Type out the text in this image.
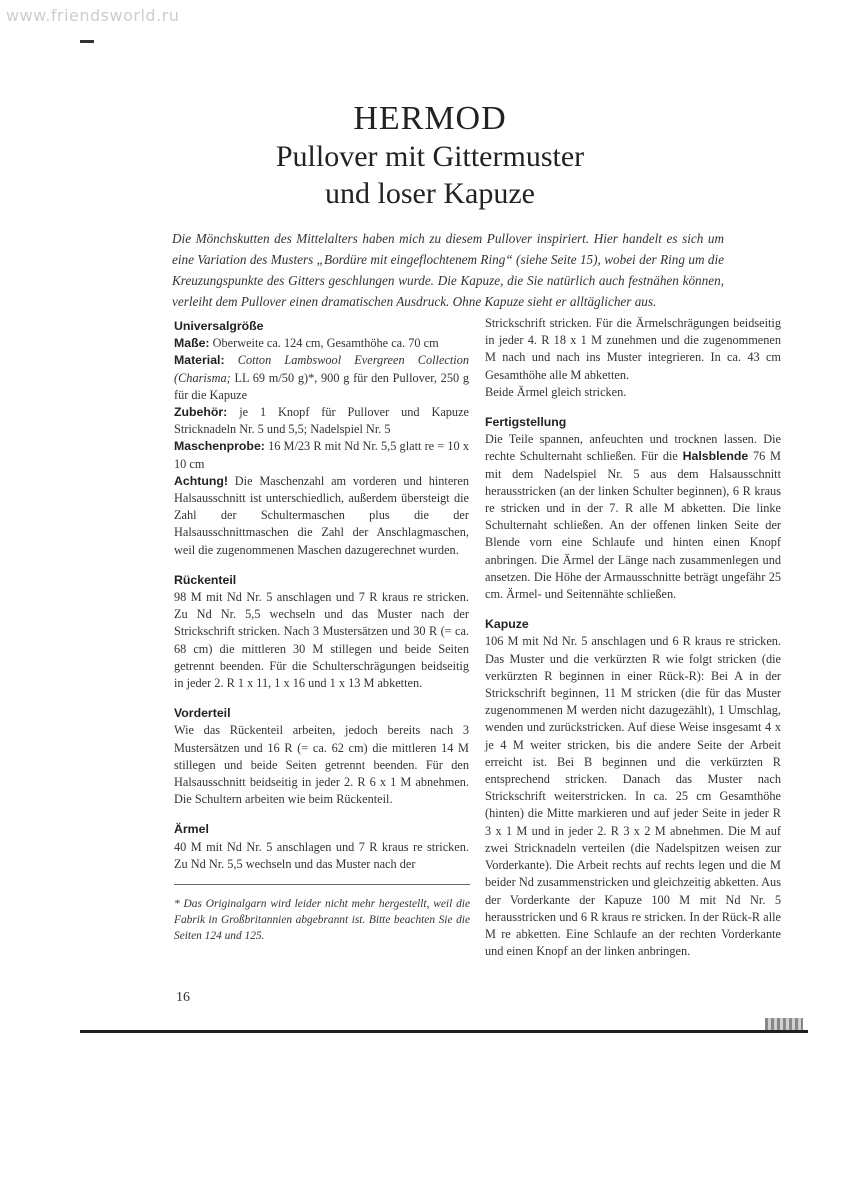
www.friendsworld.ru
HERMOD
Pullover mit Gittermuster
und loser Kapuze

Die Mönchskutten des Mittelalters haben mich zu diesem Pullover inspiriert. Hier handelt es sich um eine Variation des Musters „Bordüre mit eingeflochtenem Ring“ (siehe Seite 15), wobei der Ring um die Kreuzungspunkte des Gitters geschlungen wurde. Die Kapuze, die Sie natürlich auch festnähen können, verleiht dem Pullover einen dramatischen Ausdruck. Ohne Kapuze sieht er alltäglicher aus.

Universalgröße

Maße: Oberweite ca. 124 cm, Gesamthöhe ca. 70 cm

Material: Cotton Lambswool Evergreen Collection (Charisma; LL 69 m/50 g)*, 900 g für den Pullover, 250 g für die Kapuze

Zubehör: je 1 Knopf für Pullover und Kapuze Stricknadeln Nr. 5 und 5,5; Nadelspiel Nr. 5

Maschenprobe: 16 M/23 R mit Nd Nr. 5,5 glatt re = 10 x 10 cm

Achtung! Die Maschenzahl am vorderen und hinteren Halsausschnitt ist unterschiedlich, außerdem übersteigt die Zahl der Schultermaschen plus die der Halsausschnittmaschen die Zahl der Anschlagmaschen, weil die zugenommenen Maschen dazugerechnet wurden.

Rückenteil

98 M mit Nd Nr. 5 anschlagen und 7 R kraus re stricken. Zu Nd Nr. 5,5 wechseln und das Muster nach der Strickschrift stricken. Nach 3 Mustersätzen und 30 R (= ca. 68 cm) die mittleren 30 M stillegen und beide Seiten getrennt beenden. Für die Schulterschrägungen beidseitig in jeder 2. R 1 x 11, 1 x 16 und 1 x 13 M abketten.

Vorderteil

Wie das Rückenteil arbeiten, jedoch bereits nach 3 Mustersätzen und 16 R (= ca. 62 cm) die mittleren 14 M stillegen und beide Seiten getrennt beenden. Für den Halsausschnitt beidseitig in jeder 2. R 6 x 1 M abnehmen. Die Schultern arbeiten wie beim Rückenteil.

Ärmel

40 M mit Nd Nr. 5 anschlagen und 7 R kraus re stricken. Zu Nd Nr. 5,5 wechseln und das Muster nach der

* Das Originalgarn wird leider nicht mehr hergestellt, weil die Fabrik in Großbritannien abgebrannt ist. Bitte beachten Sie die Seiten 124 und 125.

Strickschrift stricken. Für die Ärmelschrägungen beidseitig in jeder 4. R 18 x 1 M zunehmen und die zugenommenen M nach und nach ins Muster integrieren. In ca. 43 cm Gesamthöhe alle M abketten.

Beide Ärmel gleich stricken.

Fertigstellung

Die Teile spannen, anfeuchten und trocknen lassen. Die rechte Schulternaht schließen. Für die Halsblende 76 M mit dem Nadelspiel Nr. 5 aus dem Halsausschnitt herausstricken (an der linken Schulter beginnen), 6 R kraus re stricken und in der 7. R alle M abketten. Die linke Schulternaht schließen. An der offenen linken Seite der Blende vorn eine Schlaufe und hinten einen Knopf anbringen. Die Ärmel der Länge nach zusammenlegen und ansetzen. Die Höhe der Armausschnitte beträgt ungefähr 25 cm. Ärmel- und Seitennähte schließen.

Kapuze

106 M mit Nd Nr. 5 anschlagen und 6 R kraus re stricken. Das Muster und die verkürzten R wie folgt stricken (die verkürzten R beginnen in einer Rück-R): Bei A in der Strickschrift beginnen, 11 M stricken (die für das Muster zugenommenen M werden nicht dazugezählt), 1 Umschlag, wenden und zurückstricken. Auf diese Weise insgesamt 4 x je 4 M weiter stricken, bis die andere Seite der Arbeit erreicht ist. Bei B beginnen und die verkürzten R entsprechend stricken. Danach das Muster nach Strickschrift weiterstricken. In ca. 25 cm Gesamthöhe (hinten) die Mitte markieren und auf jeder Seite in jeder R 3 x 1 M und in jeder 2. R 3 x 2 M abnehmen. Die M auf zwei Stricknadeln verteilen (die Nadelspitzen weisen zur Vorderkante). Die Arbeit rechts auf rechts legen und die M beider Nd zusammenstricken und gleichzeitig abketten. Aus der Vorderkante der Kapuze 100 M mit Nd Nr. 5 herausstricken und 6 R kraus re stricken. In der Rück-R alle M re abketten. Eine Schlaufe an der rechten Vorderkante und einen Knopf an der linken anbringen.

16
